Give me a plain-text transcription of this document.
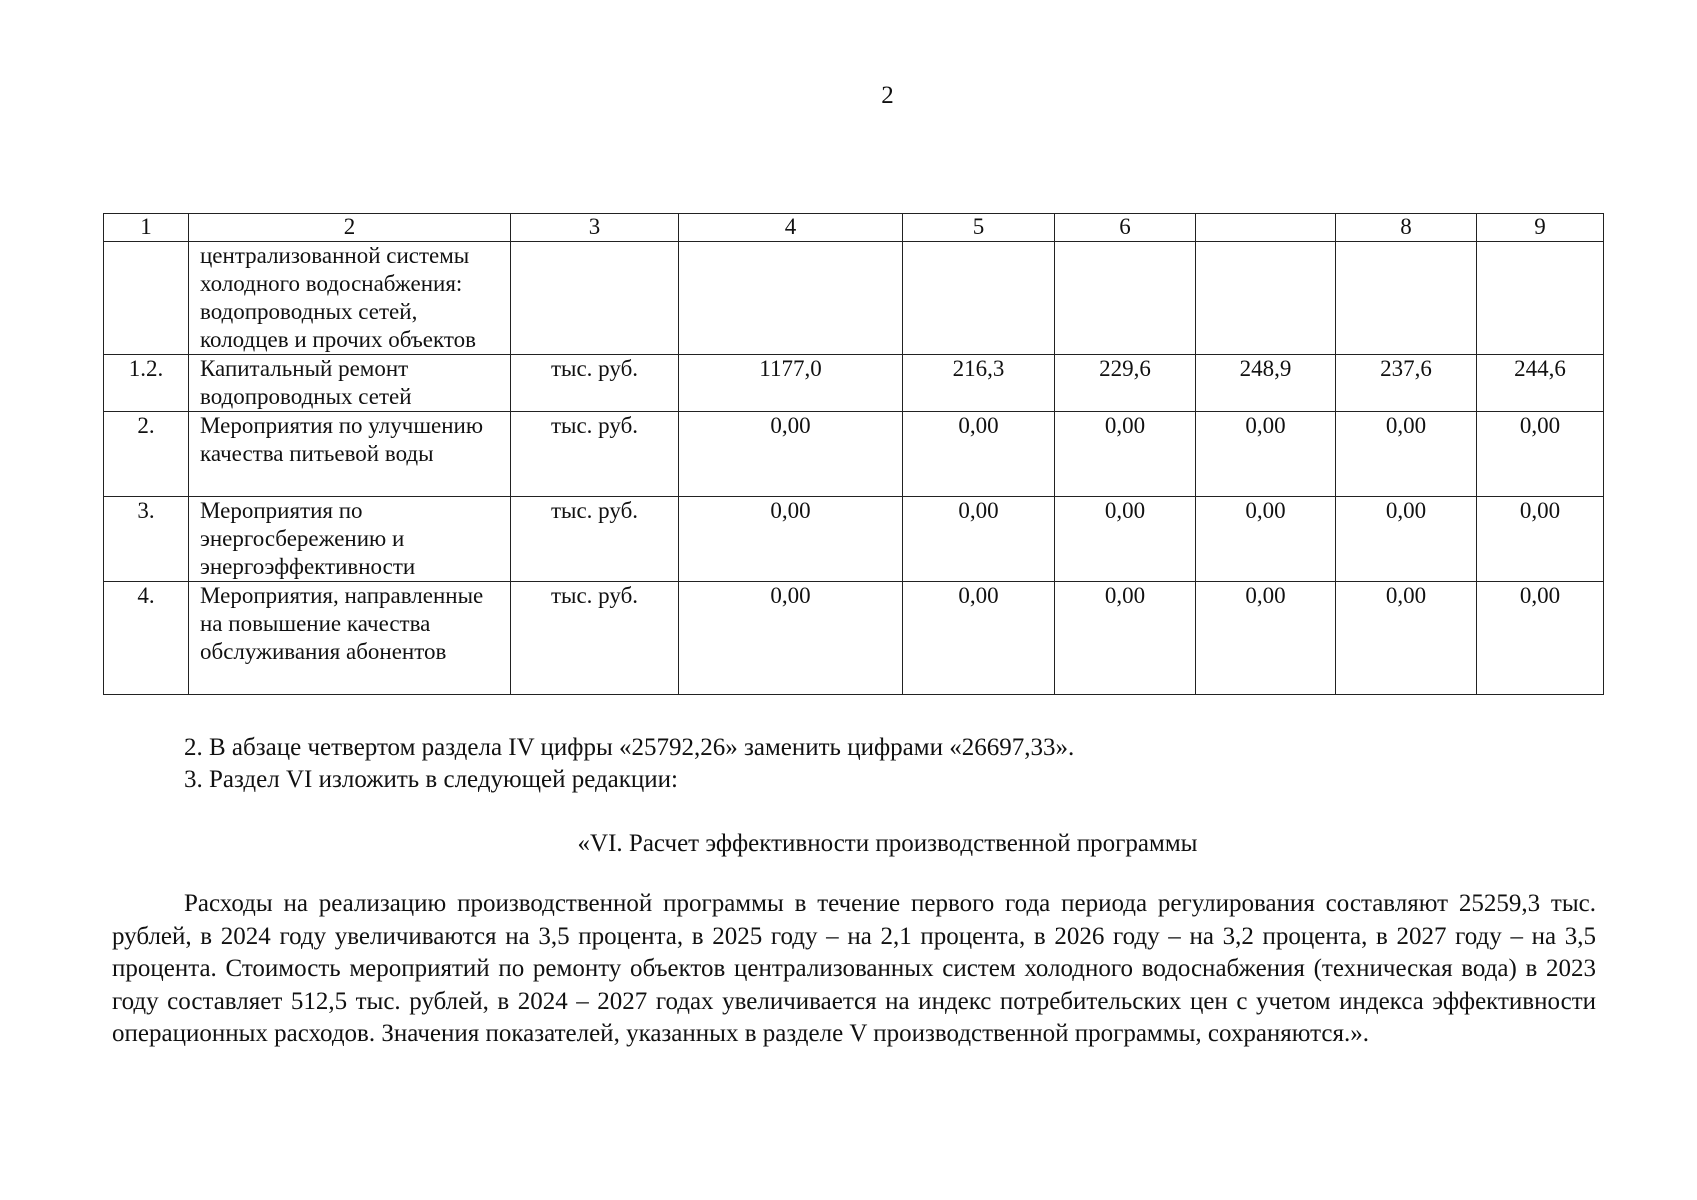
2
1	2	3	4	5	6		8	9
	централизованной системы холодного водоснабжения: водопроводных сетей, колодцев и прочих объектов							
1.2.	Капитальный ремонт водопроводных сетей	тыс. руб.	1177,0	216,3	229,6	248,9	237,6	244,6
2.	Мероприятия по улучшению качества питьевой воды	тыс. руб.	0,00	0,00	0,00	0,00	0,00	0,00
3.	Мероприятия по энергосбережению и энергоэффективности	тыс. руб.	0,00	0,00	0,00	0,00	0,00	0,00
4.	Мероприятия, направленные на повышение качества обслуживания абонентов	тыс. руб.	0,00	0,00	0,00	0,00	0,00	0,00
2. В абзаце четвертом раздела IV цифры «25792,26» заменить цифрами «26697,33».
3. Раздел VI изложить в следующей редакции:
«VI. Расчет эффективности производственной программы

Расходы на реализацию производственной программы в течение первого года периода регулирования составляют 25259,3 тыс. рублей, в 2024 году увеличиваются на 3,5 процента, в 2025 году – на 2,1 процента, в 2026 году – на 3,2 процента, в 2027 году – на 3,5 процента. Стоимость мероприятий по ремонту объектов централизованных систем холодного водоснабжения (техническая вода) в 2023 году составляет 512,5 тыс. рублей, в 2024 – 2027 годах увеличивается на индекс потребительских цен с учетом индекса эффективности операционных расходов. Значения показателей, указанных в разделе V производственной программы, сохраняются.».
